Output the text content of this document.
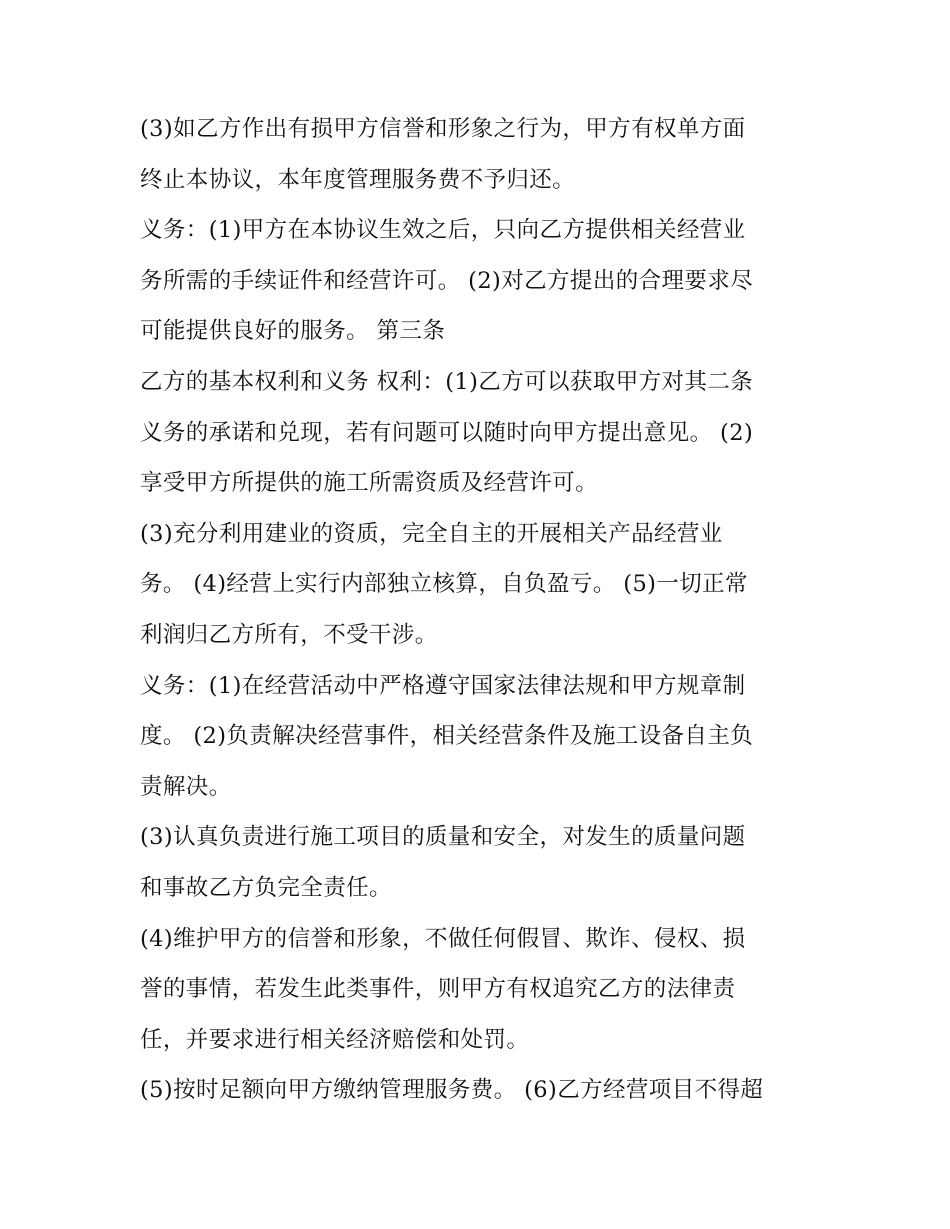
(3)如乙方作出有损甲方信誉和形象之行为，甲方有权单方面
终止本协议，本年度管理服务费不予归还。
义务：(1)甲方在本协议生效之后，只向乙方提供相关经营业
务所需的手续证件和经营许可。 (2)对乙方提出的合理要求尽
可能提供良好的服务。 第三条
乙方的基本权利和义务 权利：(1)乙方可以获取甲方对其二条
义务的承诺和兑现，若有问题可以随时向甲方提出意见。 (2)
享受甲方所提供的施工所需资质及经营许可。
(3)充分利用建业的资质，完全自主的开展相关产品经营业
务。 (4)经营上实行内部独立核算，自负盈亏。 (5)一切正常
利润归乙方所有，不受干涉。
义务：(1)在经营活动中严格遵守国家法律法规和甲方规章制
度。 (2)负责解决经营事件，相关经营条件及施工设备自主负
责解决。
(3)认真负责进行施工项目的质量和安全，对发生的质量问题
和事故乙方负完全责任。
(4)维护甲方的信誉和形象，不做任何假冒、欺诈、侵权、损
誉的事情，若发生此类事件，则甲方有权追究乙方的法律责
任，并要求进行相关经济赔偿和处罚。
(5)按时足额向甲方缴纳管理服务费。 (6)乙方经营项目不得超
